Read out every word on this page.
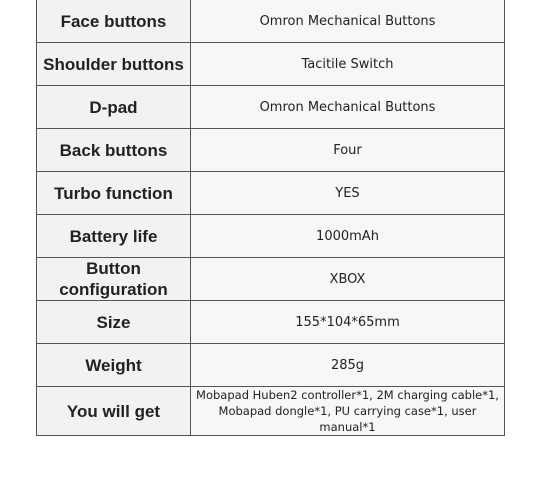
Face buttons	Omron Mechanical Buttons
Shoulder buttons	Tacitile Switch
D-pad	Omron Mechanical Buttons
Back buttons	Four
Turbo function	YES
Battery life	1000mAh
Button configuration	XBOX
Size	155*104*65mm
Weight	285g
You will get	Mobapad Huben2 controller*1, 2M charging cable*1,
Mobapad dongle*1, PU carrying case*1, user manual*1
